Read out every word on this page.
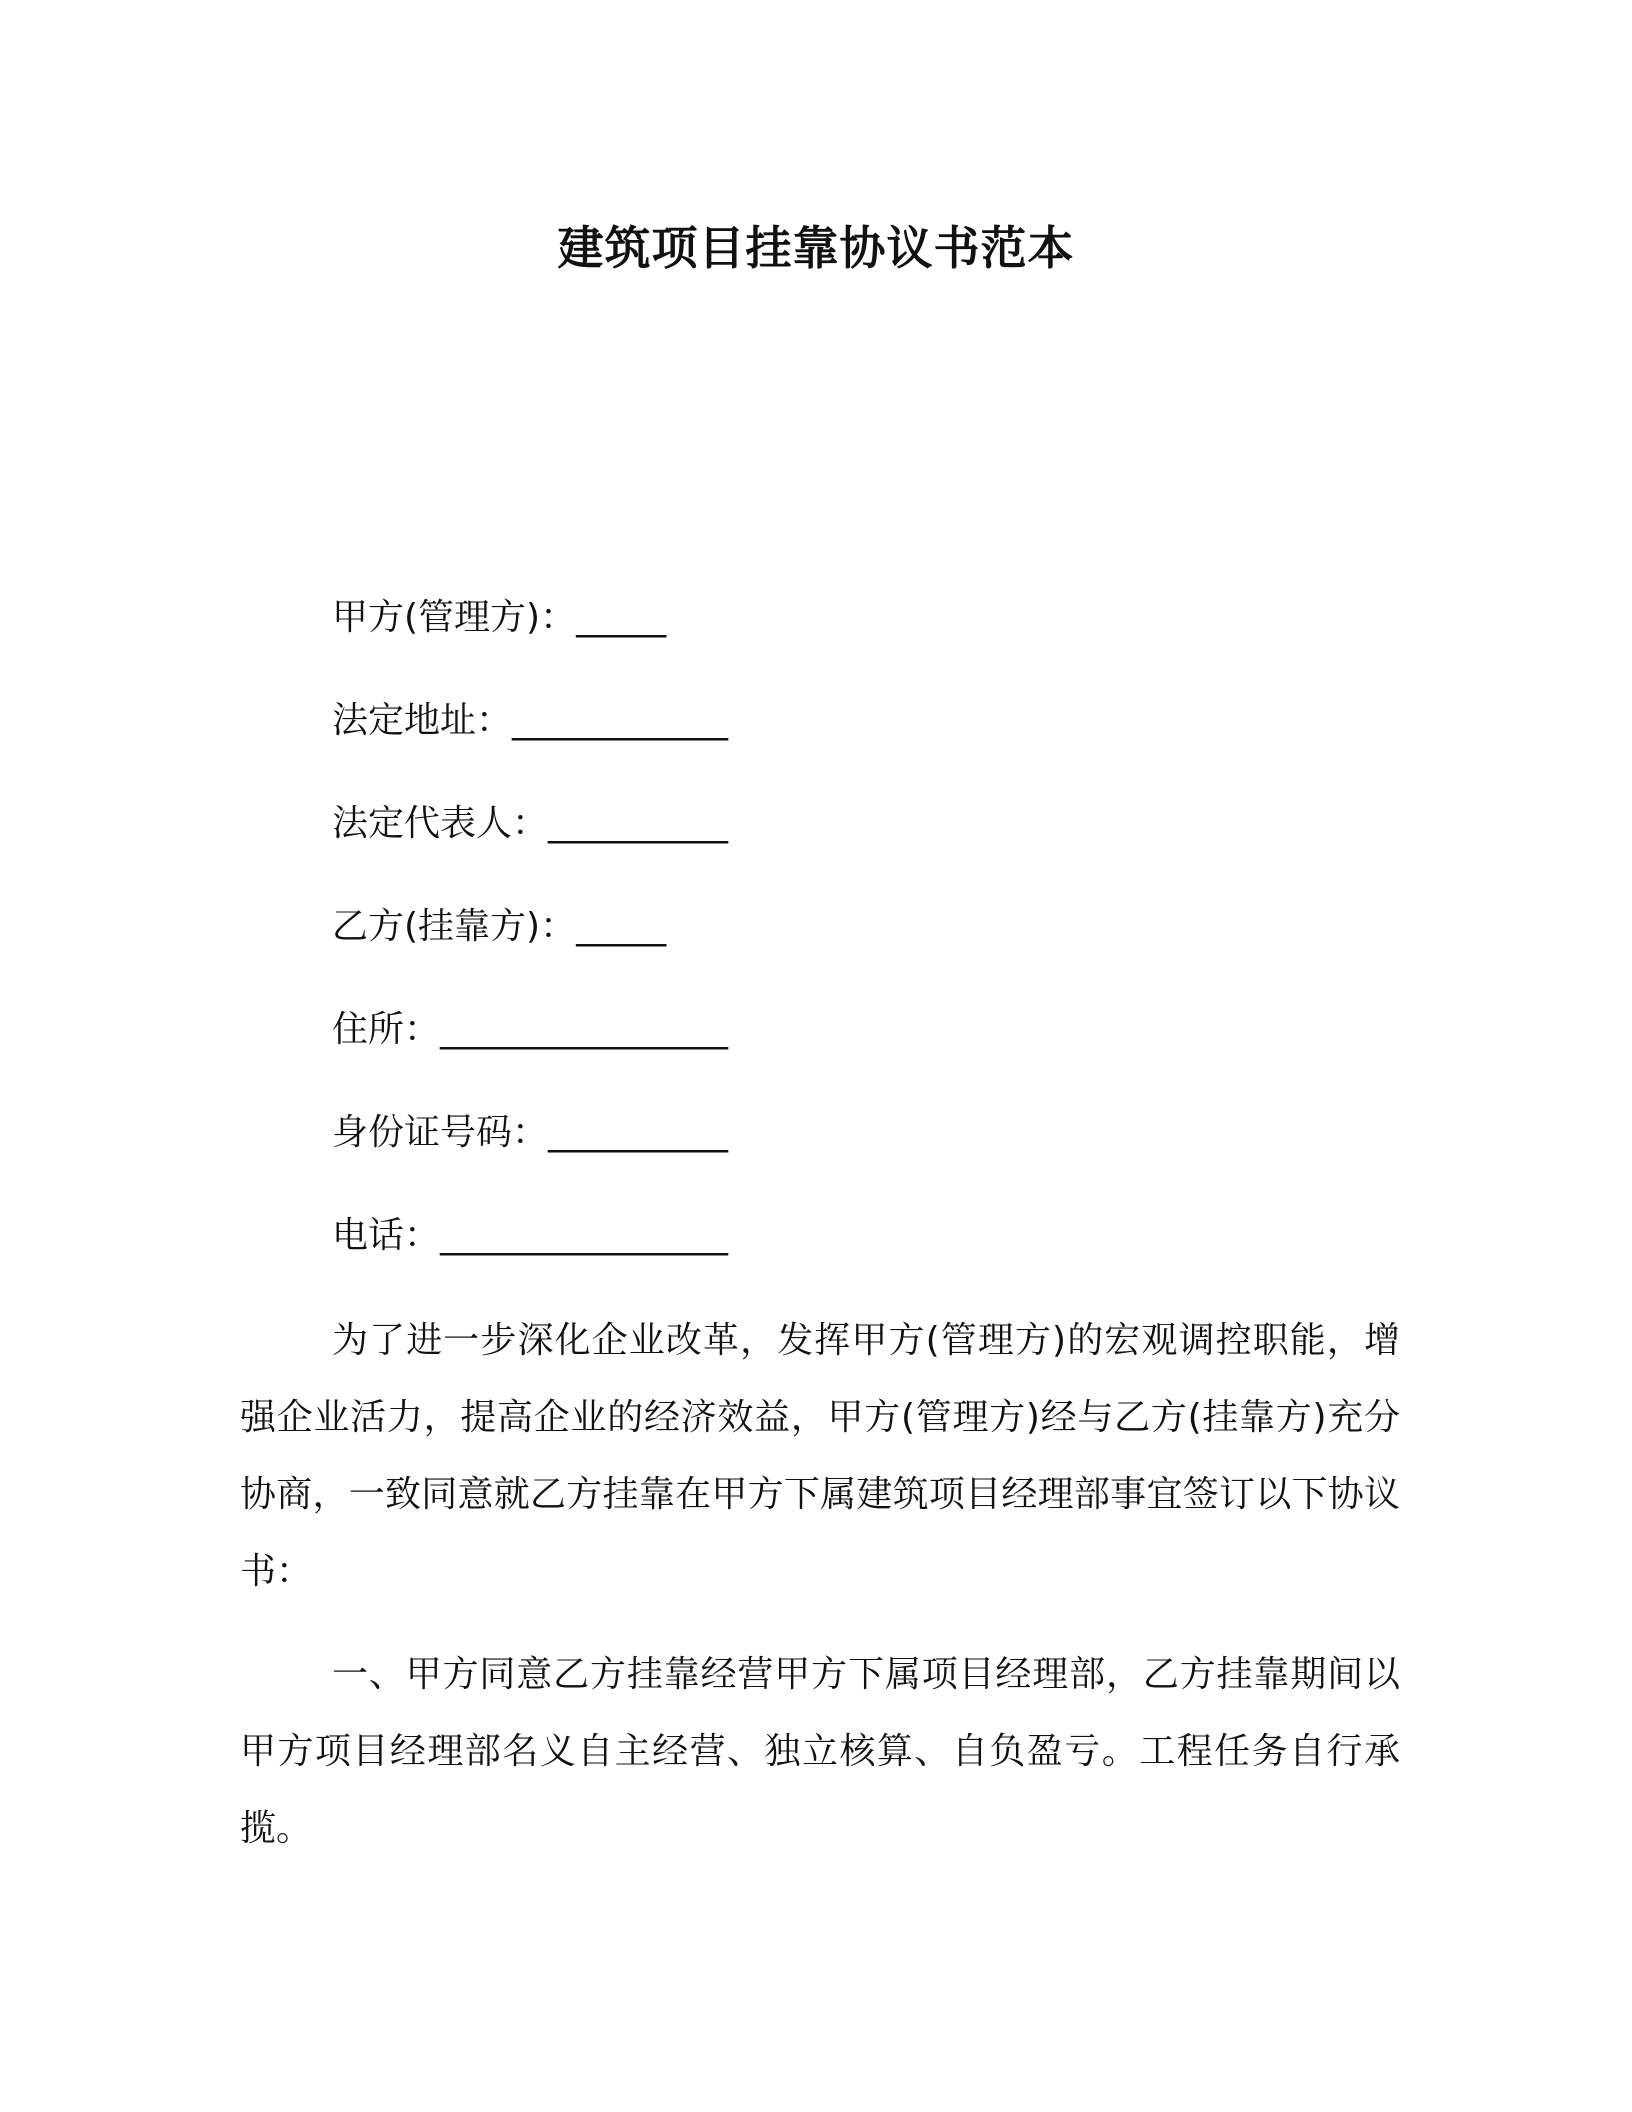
建筑项目挂靠协议书范本
甲方(管理方)：_____
法定地址：____________
法定代表人：__________
乙方(挂靠方)：_____
住所：________________
身份证号码：__________
电话：________________

为了进一步深化企业改革，发挥甲方(管理方)的宏观调控职能，增强企业活力，提高企业的经济效益，甲方(管理方)经与乙方(挂靠方)充分协商，一致同意就乙方挂靠在甲方下属建筑项目经理部事宜签订以下协议书：

一、甲方同意乙方挂靠经营甲方下属项目经理部，乙方挂靠期间以甲方项目经理部名义自主经营、独立核算、自负盈亏。工程任务自行承揽。
